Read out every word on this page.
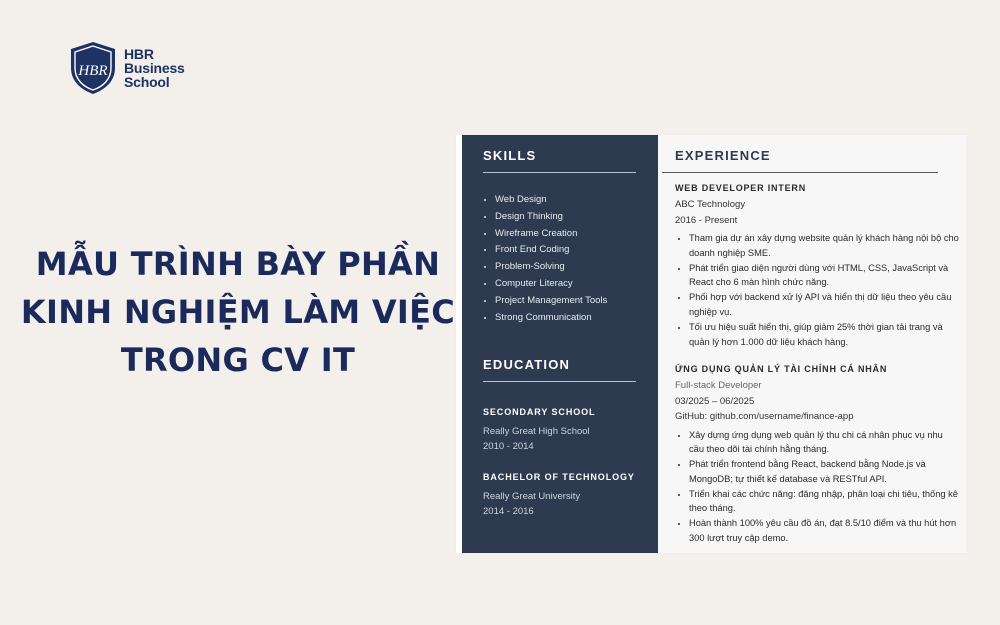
HBR
HBR
Business
School
MẪU TRÌNH BÀY PHẦN
KINH NGHIỆM LÀM VIỆC
TRONG CV IT
SKILLS
• Web Design
• Design Thinking
• Wireframe Creation
• Front End Coding
• Problem-Solving
• Computer Literacy
• Project Management Tools
• Strong Communication
EDUCATION
SECONDARY SCHOOL
Really Great High School
2010 - 2014
BACHELOR OF TECHNOLOGY
Really Great University
2014 - 2016
EXPERIENCE
WEB DEVELOPER INTERN
ABC Technology
2016 - Present
• Tham gia dự án xây dựng website quản lý khách hàng nội bộ cho doanh nghiệp SME.
• Phát triển giao diện người dùng với HTML, CSS, JavaScript và React cho 6 màn hình chức năng.
• Phối hợp với backend xử lý API và hiển thị dữ liệu theo yêu cầu nghiệp vụ.
• Tối ưu hiệu suất hiển thị, giúp giảm 25% thời gian tải trang và quản lý hơn 1.000 dữ liệu khách hàng.
ỨNG DỤNG QUẢN LÝ TÀI CHÍNH CÁ NHÂN
Full-stack Developer
03/2025 – 06/2025
GitHub: github.com/username/finance-app
• Xây dựng ứng dụng web quản lý thu chi cá nhân phục vụ nhu cầu theo dõi tài chính hằng tháng.
• Phát triển frontend bằng React, backend bằng Node.js và MongoDB; tự thiết kế database và RESTful API.
• Triển khai các chức năng: đăng nhập, phân loại chi tiêu, thống kê theo tháng.
• Hoàn thành 100% yêu cầu đồ án, đạt 8.5/10 điểm và thu hút hơn 300 lượt truy cập demo.
